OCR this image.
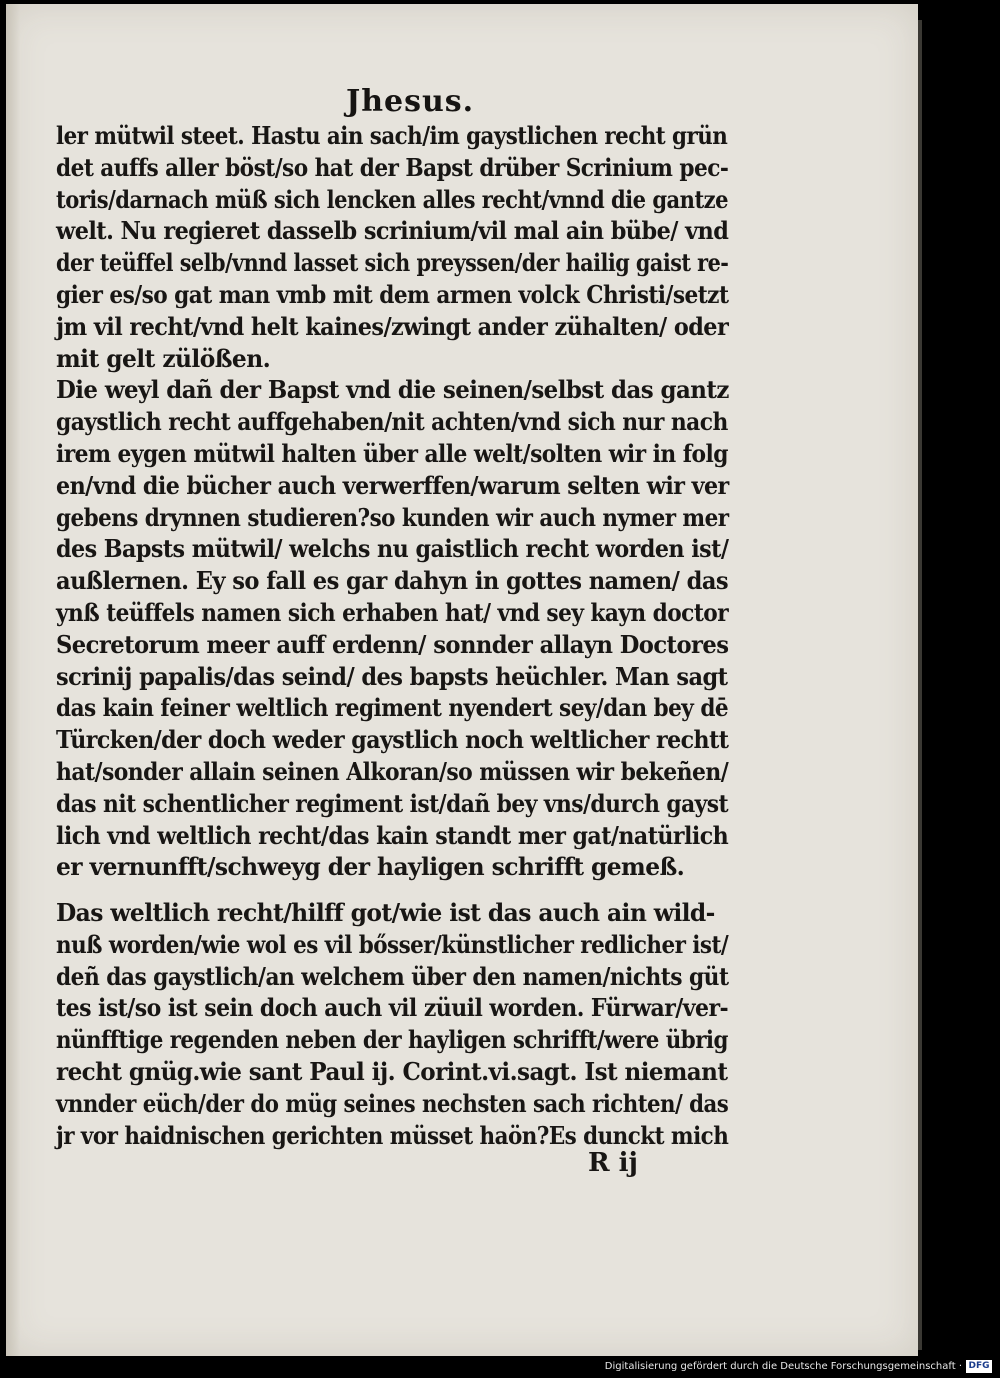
Jhesus.
ler mütwil steet. Hastu ain sach/im gaystlichen recht grün
det auffs aller böst/so hat der Bapst drüber Scrinium pec-
toris/darnach müß sich lencken alles recht/vnnd die gantze
welt. Nu regieret dasselb scrinium/vil mal ain bübe/ vnd
der teüffel selb/vnnd lasset sich preyssen/der hailig gaist re-
gier es/so gat man vmb mit dem armen volck Christi/setzt
jm vil recht/vnd helt kaines/zwingt ander zühalten/ oder
mit gelt zülößen.
Die weyl dañ der Bapst vnd die seinen/selbst das gantz
gaystlich recht auffgehaben/nit achten/vnd sich nur nach
irem eygen mütwil halten über alle welt/solten wir in folg
en/vnd die bücher auch verwerffen/warum selten wir ver
gebens drynnen studieren?so kunden wir auch nymer mer
des Bapsts mütwil/ welchs nu gaistlich recht worden ist/
außlernen. Ey so fall es gar dahyn in gottes namen/ das
ynß teüffels namen sich erhaben hat/ vnd sey kayn doctor
Secretorum meer auff erdenn/ sonnder allayn Doctores
scrinij papalis/das seind/ des bapsts heüchler. Man sagt
das kain feiner weltlich regiment nyendert sey/dan bey dē
Türcken/der doch weder gaystlich noch weltlicher rechtt
hat/sonder allain seinen Alkoran/so müssen wir bekeñen/
das nit schentlicher regiment ist/dañ bey vns/durch gayst
lich vnd weltlich recht/das kain standt mer gat/natürlich
er vernunfft/schweyg der hayligen schrifft gemeß.
Das weltlich recht/hilff got/wie ist das auch ain wild-
nuß worden/wie wol es vil bősser/künstlicher redlicher ist/
deñ das gaystlich/an welchem über den namen/nichts güt
tes ist/so ist sein doch auch vil züuil worden. Fürwar/ver-
nünfftige regenden neben der hayligen schrifft/were übrig
recht gnüg.wie sant Paul ij. Corint.vi.sagt. Ist niemant
vnnder eüch/der do müg seines nechsten sach richten/ das
jr vor haidnischen gerichten müsset haön?Es dunckt mich
R ij
Digitalisierung gefördert durch die Deutsche Forschungsgemeinschaft · DFG
